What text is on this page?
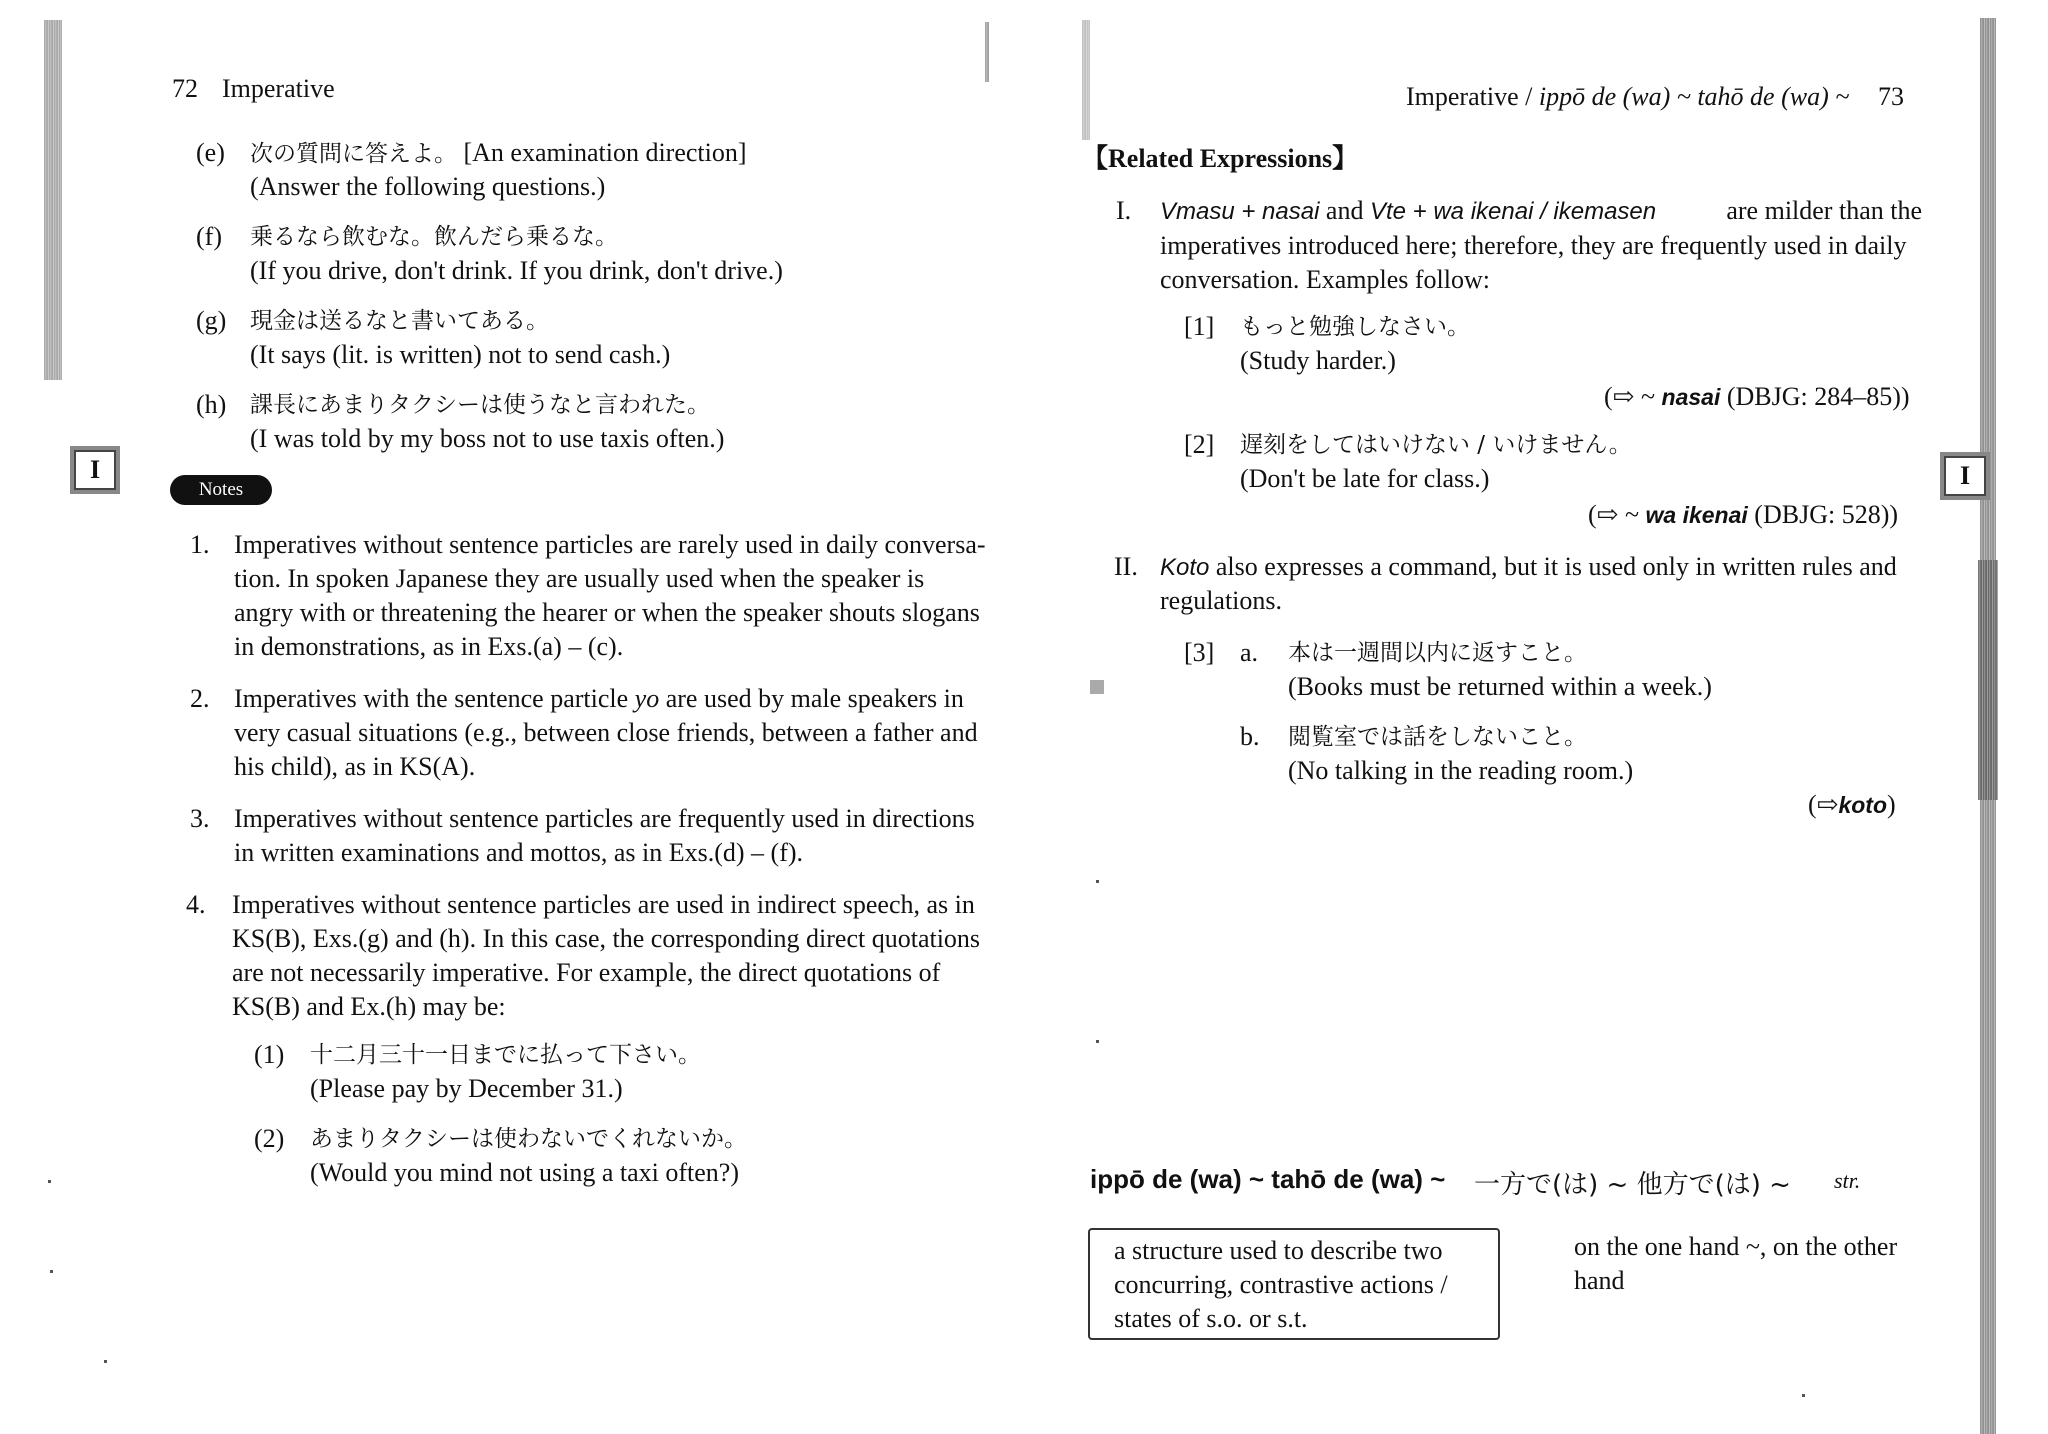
72 Imperative
(e) 次の質問に答えよ。 [An examination direction]
(Answer the following questions.)
(f) 乗るなら飲むな。飲んだら乗るな。
(If you drive, don't drink. If you drink, don't drive.)
(g) 現金は送るなと書いてある。
(It says (lit. is written) not to send cash.)
(h) 課長にあまりタクシーは使うなと言われた。
(I was told by my boss not to use taxis often.)
I
Notes
1. Imperatives without sentence particles are rarely used in daily conversa-
tion. In spoken Japanese they are usually used when the speaker is
angry with or threatening the hearer or when the speaker shouts slogans
in demonstrations, as in Exs.(a) – (c).
2. Imperatives with the sentence particle yo are used by male speakers in
very casual situations (e.g., between close friends, between a father and
his child), as in KS(A).
3. Imperatives without sentence particles are frequently used in directions
in written examinations and mottos, as in Exs.(d) – (f).
4. Imperatives without sentence particles are used in indirect speech, as in
KS(B), Exs.(g) and (h). In this case, the corresponding direct quotations
are not necessarily imperative. For example, the direct quotations of
KS(B) and Ex.(h) may be:
(1) 十二月三十一日までに払って下さい。
(Please pay by December 31.)
(2) あまりタクシーは使わないでくれないか。
(Would you mind not using a taxi often?)
Imperative / ippō de (wa) ~ tahō de (wa) ~ 73
【Related Expressions】
I. Vmasu + nasai and Vte + wa ikenai / ikemasen	are milder than the
imperatives introduced here; therefore, they are frequently used in daily
conversation. Examples follow:
[1] もっと勉強しなさい。
(Study harder.)
(⇨ ~ nasai (DBJG: 284–85))
[2] 遅刻をしてはいけない / いけません。
(Don't be late for class.)
(⇨ ~ wa ikenai (DBJG: 528))
II. Koto also expresses a command, but it is used only in written rules and
regulations.
[3] a. 本は一週間以内に返すこと。
(Books must be returned within a week.)
b. 閲覧室では話をしないこと。
(No talking in the reading room.)
(⇨koto)
I
ippō de (wa) ~ tahō de (wa) ~ 一方で(は) ~ 他方で(は) ~ str.
a structure used to describe two
concurring, contrastive actions /
states of s.o. or s.t.
on the one hand ~, on the other
hand
